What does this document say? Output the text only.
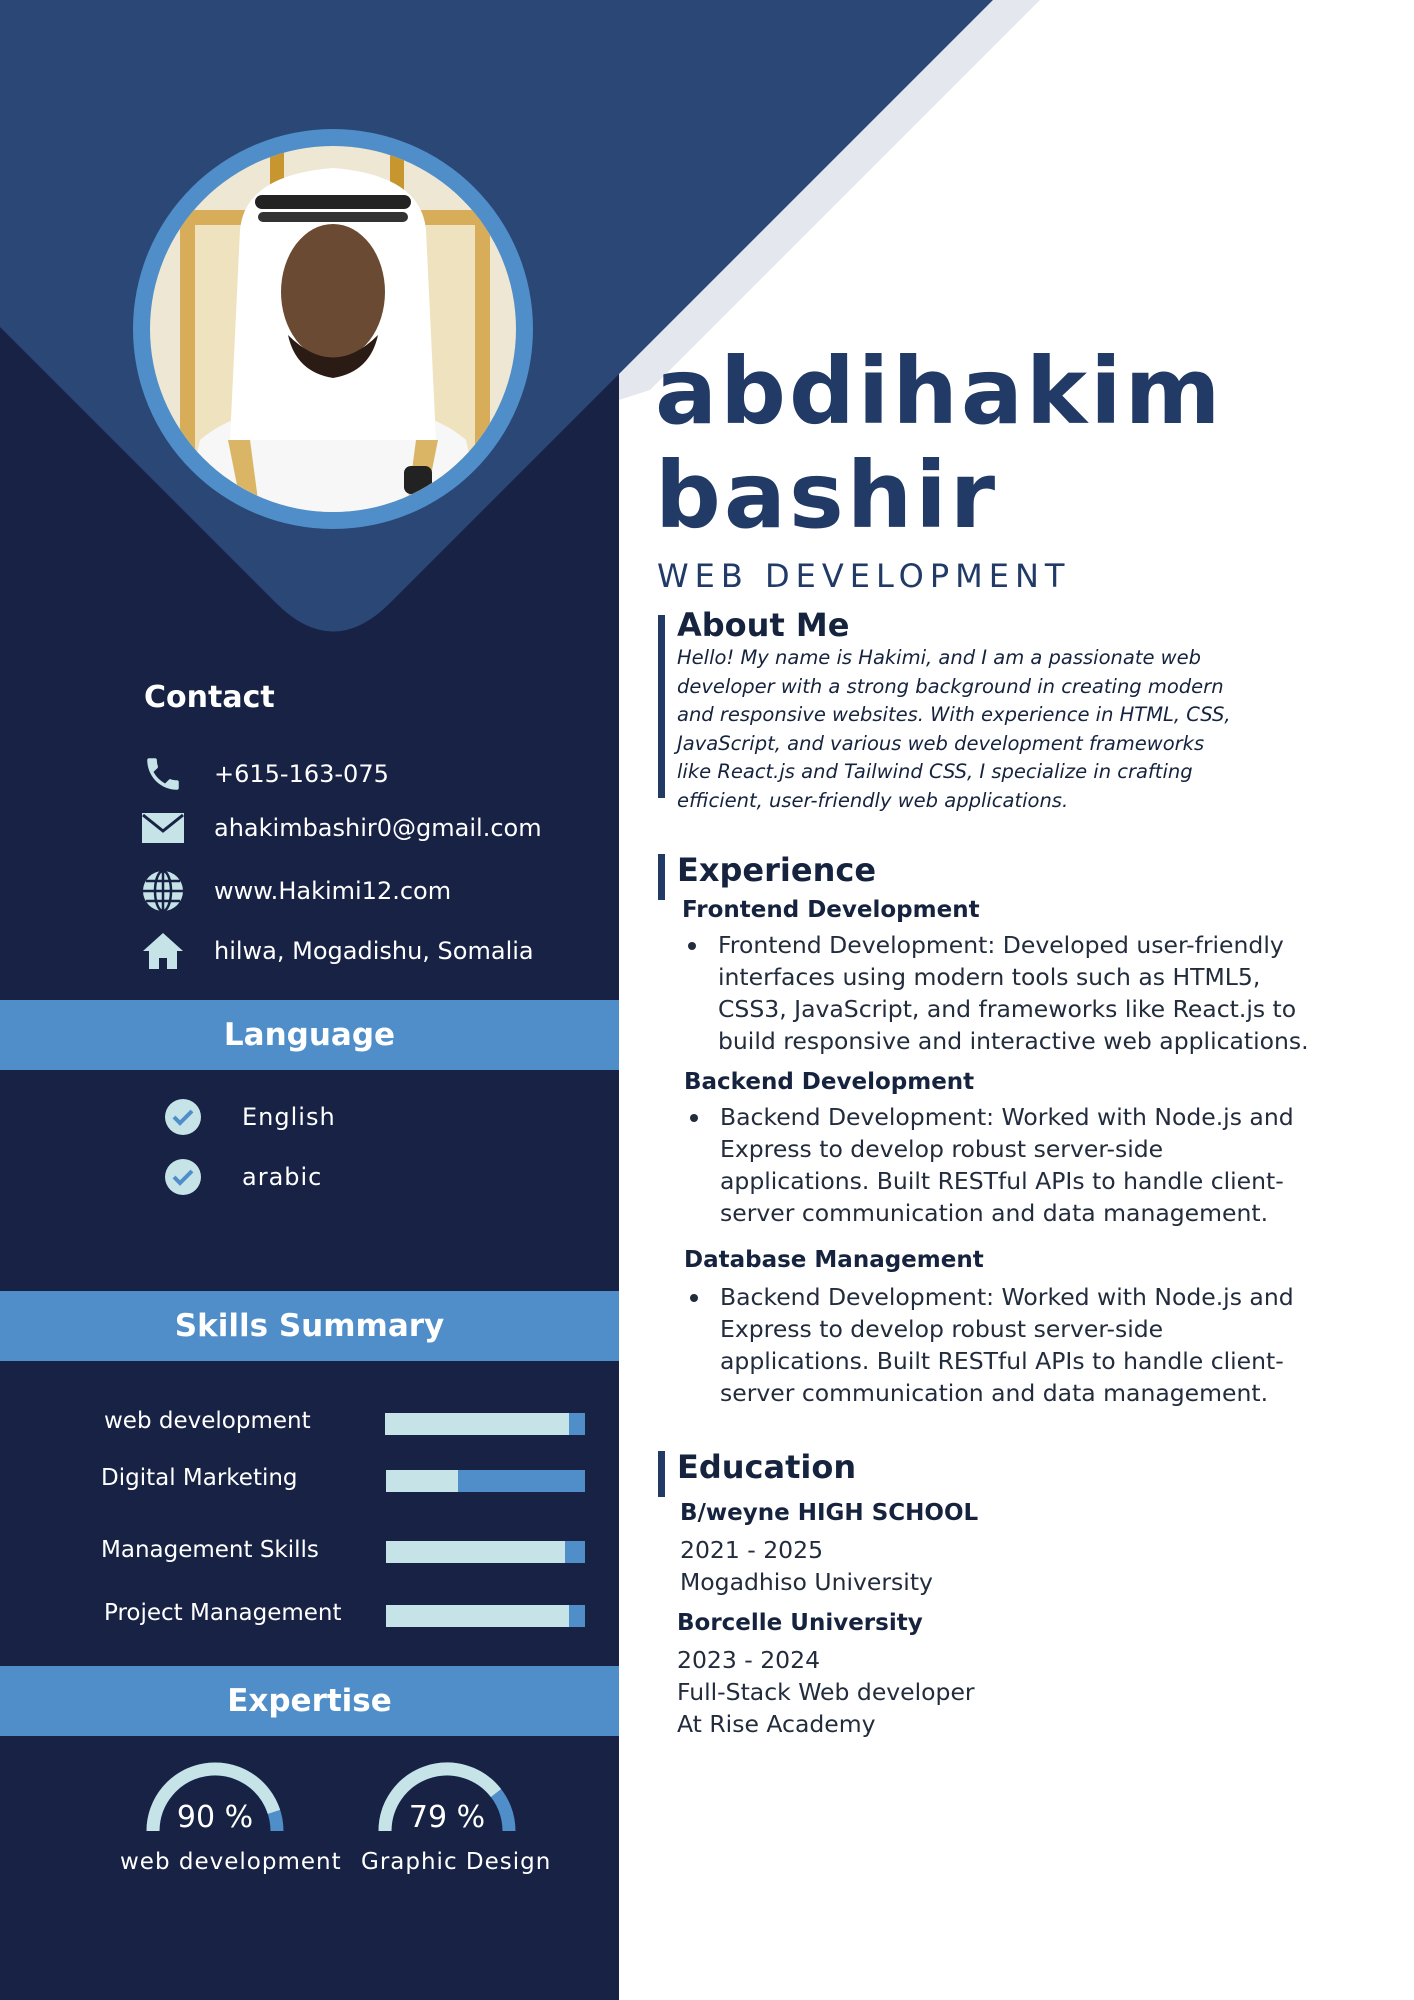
Contact
+615-163-075
ahakimbashir0@gmail.com
www.Hakimi12.com
hilwa, Mogadishu, Somalia
Language
English
arabic
Skills Summary
web development
Digital Marketing
Management Skills
Project Management
Expertise
90 %
web development
79 %
Graphic Design
abdihakim
bashir
WEB DEVELOPMENT
About Me
Hello! My name is Hakimi, and I am a passionate web developer with a strong background in creating modern and responsive websites. With experience in HTML, CSS, JavaScript, and various web development frameworks like React.js and Tailwind CSS, I specialize in crafting efficient, user-friendly web applications.
Experience
Frontend Development
Frontend Development: Developed user-friendly interfaces using modern tools such as HTML5, CSS3, JavaScript, and frameworks like React.js to build responsive and interactive web applications.
Backend Development
Backend Development: Worked with Node.js and Express to develop robust server-side applications. Built RESTful APIs to handle client-server communication and data management.
Database Management
Backend Development: Worked with Node.js and Express to develop robust server-side applications. Built RESTful APIs to handle client-server communication and data management.
Education
B/weyne HIGH SCHOOL
2021 - 2025
Mogadhiso University
Borcelle University
2023 - 2024
Full-Stack Web developer
At Rise Academy
